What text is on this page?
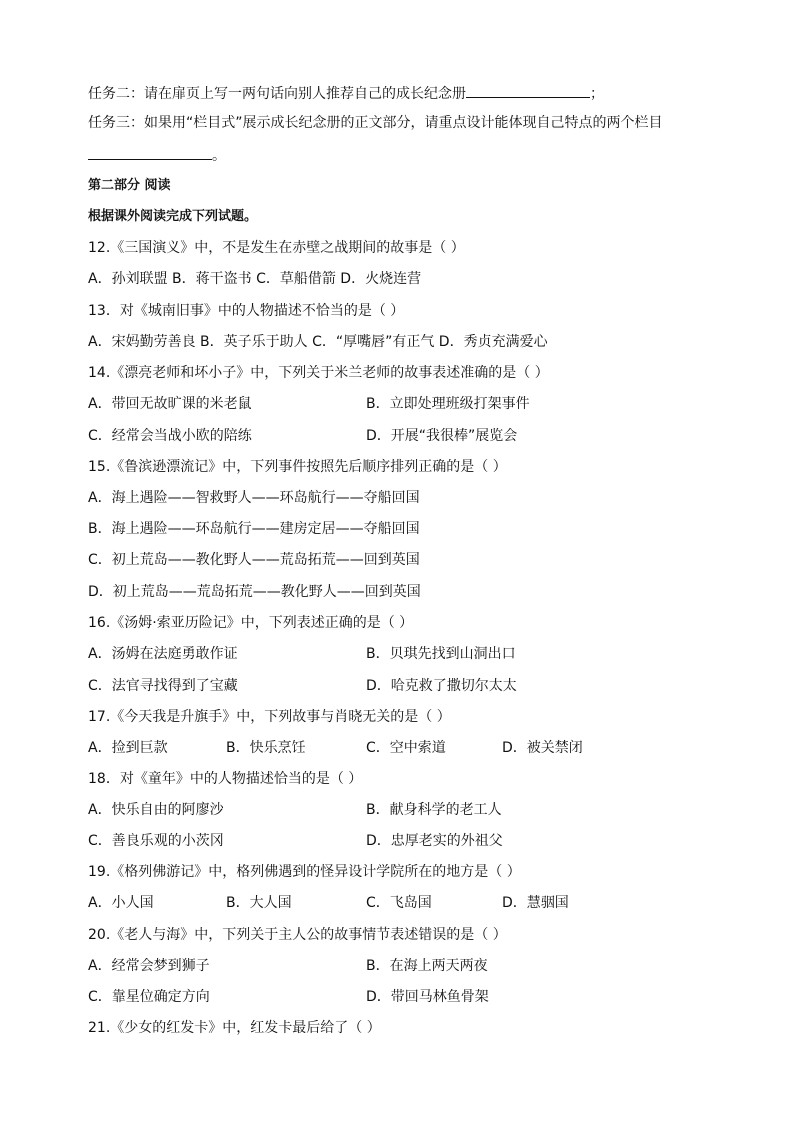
任务二：请在扉页上写一两句话向别人推荐自己的成长纪念册	；
任务三：如果用“栏目式”展示成长纪念册的正文部分，请重点设计能体现自己特点的两个栏目
。
第二部分 阅读
根据课外阅读完成下列试题。
12.《三国演义》中，不是发生在赤壁之战期间的故事是（ ）
A．孙刘联盟 B．蒋干盗书 C．草船借箭 D．火烧连营
13．对《城南旧事》中的人物描述不恰当的是（ ）
A．宋妈勤劳善良 B．英子乐于助人 C．“厚嘴唇”有正气 D．秀贞充满爱心
14.《漂亮老师和坏小子》中，下列关于米兰老师的故事表述准确的是（ ）
A．带回无故旷课的米老鼠	B．立即处理班级打架事件
C．经常会当战小欧的陪练	D．开展“我很棒”展览会
15.《鲁滨逊漂流记》中，下列事件按照先后顺序排列正确的是（ ）
A．海上遇险——智救野人——环岛航行——夺船回国
B．海上遇险——环岛航行——建房定居——夺船回国
C．初上荒岛——教化野人——荒岛拓荒——回到英国
D．初上荒岛——荒岛拓荒——教化野人——回到英国
16.《汤姆·索亚历险记》中，下列表述正确的是（ ）
A．汤姆在法庭勇敢作证	B．贝琪先找到山洞出口
C．法官寻找得到了宝藏	D．哈克救了撒切尔太太
17.《今天我是升旗手》中，下列故事与肖晓无关的是（ ）
A．捡到巨款	B．快乐烹饪	C．空中索道	D．被关禁闭
18．对《童年》中的人物描述恰当的是（ ）
A．快乐自由的阿廖沙	B．献身科学的老工人
C．善良乐观的小茨冈	D．忠厚老实的外祖父
19.《格列佛游记》中，格列佛遇到的怪异设计学院所在的地方是（ ）
A．小人国	B．大人国	C．飞岛国	D．慧骃国
20.《老人与海》中，下列关于主人公的故事情节表述错误的是（ ）
A．经常会梦到狮子	B．在海上两天两夜
C．靠星位确定方向	D．带回马林鱼骨架
21.《少女的红发卡》中，红发卡最后给了（ ）
